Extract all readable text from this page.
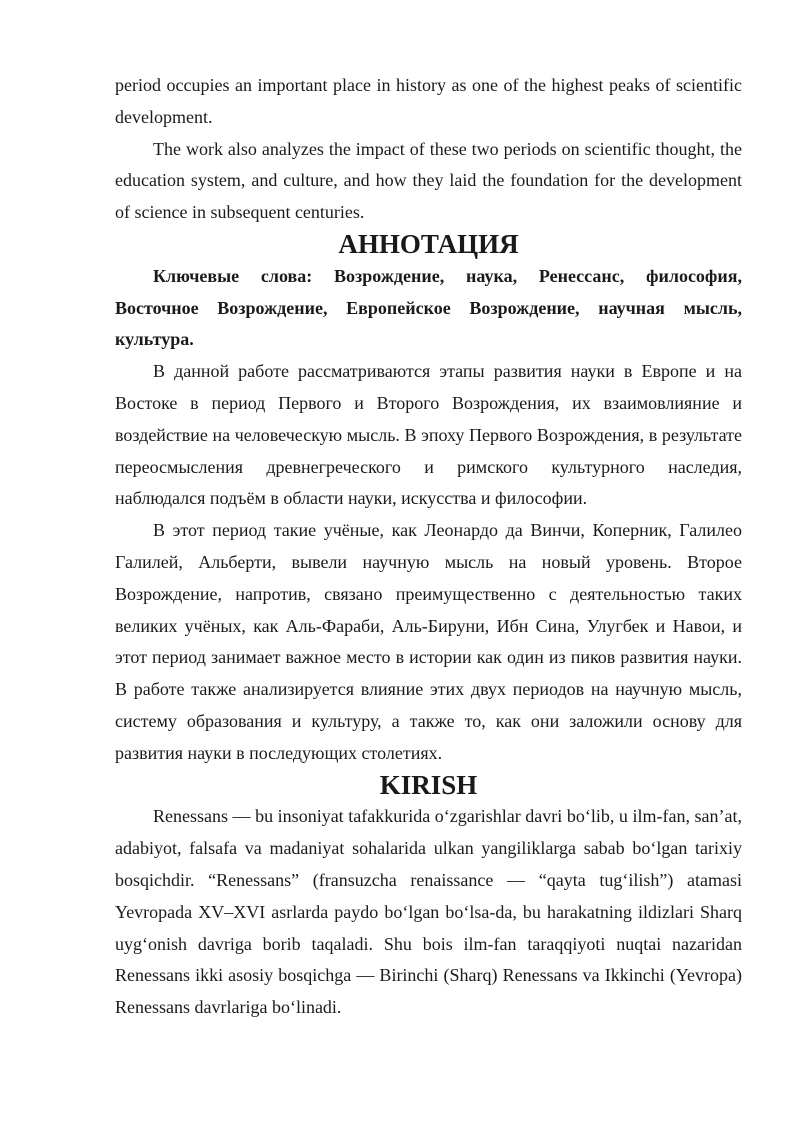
period occupies an important place in history as one of the highest peaks of scientific development.

The work also analyzes the impact of these two periods on scientific thought, the education system, and culture, and how they laid the foundation for the development of science in subsequent centuries.

АННОТАЦИЯ

Ключевые слова: Возрождение, наука, Ренессанс, философия, Восточное Возрождение, Европейское Возрождение, научная мысль, культура.

В данной работе рассматриваются этапы развития науки в Европе и на Востоке в период Первого и Второго Возрождения, их взаимовлияние и воздействие на человеческую мысль. В эпоху Первого Возрождения, в результате переосмысления древнегреческого и римского культурного наследия, наблюдался подъём в области науки, искусства и философии.

В этот период такие учёные, как Леонардо да Винчи, Коперник, Галилео Галилей, Альберти, вывели научную мысль на новый уровень. Второе Возрождение, напротив, связано преимущественно с деятельностью таких великих учёных, как Аль-Фараби, Аль-Бируни, Ибн Сина, Улугбек и Навои, и этот период занимает важное место в истории как один из пиков развития науки. В работе также анализируется влияние этих двух периодов на научную мысль, систему образования и культуру, а также то, как они заложили основу для развития науки в последующих столетиях.

KIRISH

Renessans — bu insoniyat tafakkurida o‘zgarishlar davri bo‘lib, u ilm-fan, san’at, adabiyot, falsafa va madaniyat sohalarida ulkan yangiliklarga sabab bo‘lgan tarixiy bosqichdir. “Renessans” (fransuzcha renaissance — “qayta tug‘ilish”) atamasi Yevropada XV–XVI asrlarda paydo bo‘lgan bo‘lsa-da, bu harakatning ildizlari Sharq uyg‘onish davriga borib taqaladi. Shu bois ilm-fan taraqqiyoti nuqtai nazaridan Renessans ikki asosiy bosqichga — Birinchi (Sharq) Renessans va Ikkinchi (Yevropa) Renessans davrlariga bo‘linadi.
